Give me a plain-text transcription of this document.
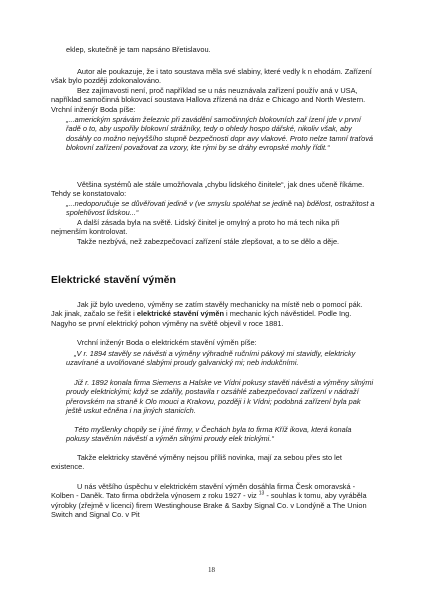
eklep, skutečně je tam napsáno Břetislavou.

Autor ale poukazuje, že i tato soustava měla své slabiny, které vedly k n ehodám. Zařízení však bylo později zdokonalováno.

Bez zajímavosti není, proč například se u nás neuznávala zařízení použív aná v USA, například samočinná blokovací soustava Hallova zřízená na dráz e Chicago and North Western. Vrchní inženýr Boda píše:

„...americkým správám železnic při zavádění samočinných blokovních zař ízení jde v první řadě o to, aby uspořily blokovní strážníky, tedy o ohledy hospo dářské, nikoliv však, aby dosáhly co možno nejvyššího stupně bezpečnosti dopr avy vlakové. Proto nelze tamní traťová blokovní zařízení považovat za vzory, kte rými by se dráhy evropské mohly řídit.“

Většina systémů ale stále umožňovala „chybu lidského činitele“, jak dnes učeně říkáme. Tehdy se konstatovalo:

„...nedoporučuje se důvěřovati jedině v (ve smyslu spoléhat se jedině na) bdělost, ostražitost a spolehlivost lidskou...“

A další zásada byla na světě. Lidský činitel je omylný a proto ho má tech nika při nejmenším kontrolovat.

Takže nezbývá, než zabezpečovací zařízení stále zlepšovat, a to se dělo a děje.

Elektrické stavění výměn

Jak již bylo uvedeno, výměny se zatím stavěly mechanicky na místě neb o pomocí pák. Jak jinak, začalo se řešit i elektrické stavění výměn i mechanic kých návěstidel. Podle Ing. Nagyho se první elektrický pohon výměny na světě objevil v roce 1881.

Vrchní inženýr Boda o elektrickém stavění výměn píše:

„V r. 1894 stavěly se návěsti a výměny výhradně ručními pákový mi stavidly, elektricky uzavírané a uvolňované slabými proudy galvanický mi; neb indukčními.

Již r. 1892 konala firma Siemens a Halske ve Vídni pokusy stavěti návěsti a výměny silnými proudy elektrickými; když se zdařily, postavila r ozsáhlé zabezpečovací zařízení v nádraží přerovském na straně k Olo mouci a Krakovu, později i k Vídni; podobná zařízení byla pak ještě uskut ečněna i na jiných stanicích.

Této myšlenky chopily se i jiné firmy, v Čechách byla to firma Kříž ikova, která konala pokusy stavěním návěstí a výměn silnými proudy elek trickými.“

Takže elektricky stavěné výměny nejsou příliš novinka, mají za sebou přes sto let existence.

U nás většího úspěchu v elektrickém stavění výměn dosáhla firma Česk omoravská - Kolben - Daněk. Tato firma obdržela výnosem z roku 1927 - viz $^{13}$ - souhlas k tomu, aby vyráběla výrobky (zřejmě v licenci) firem Westinghouse Brake & Saxby Signal Co. v Londýně a The Union Switch and Signal Co. v Pit

18
